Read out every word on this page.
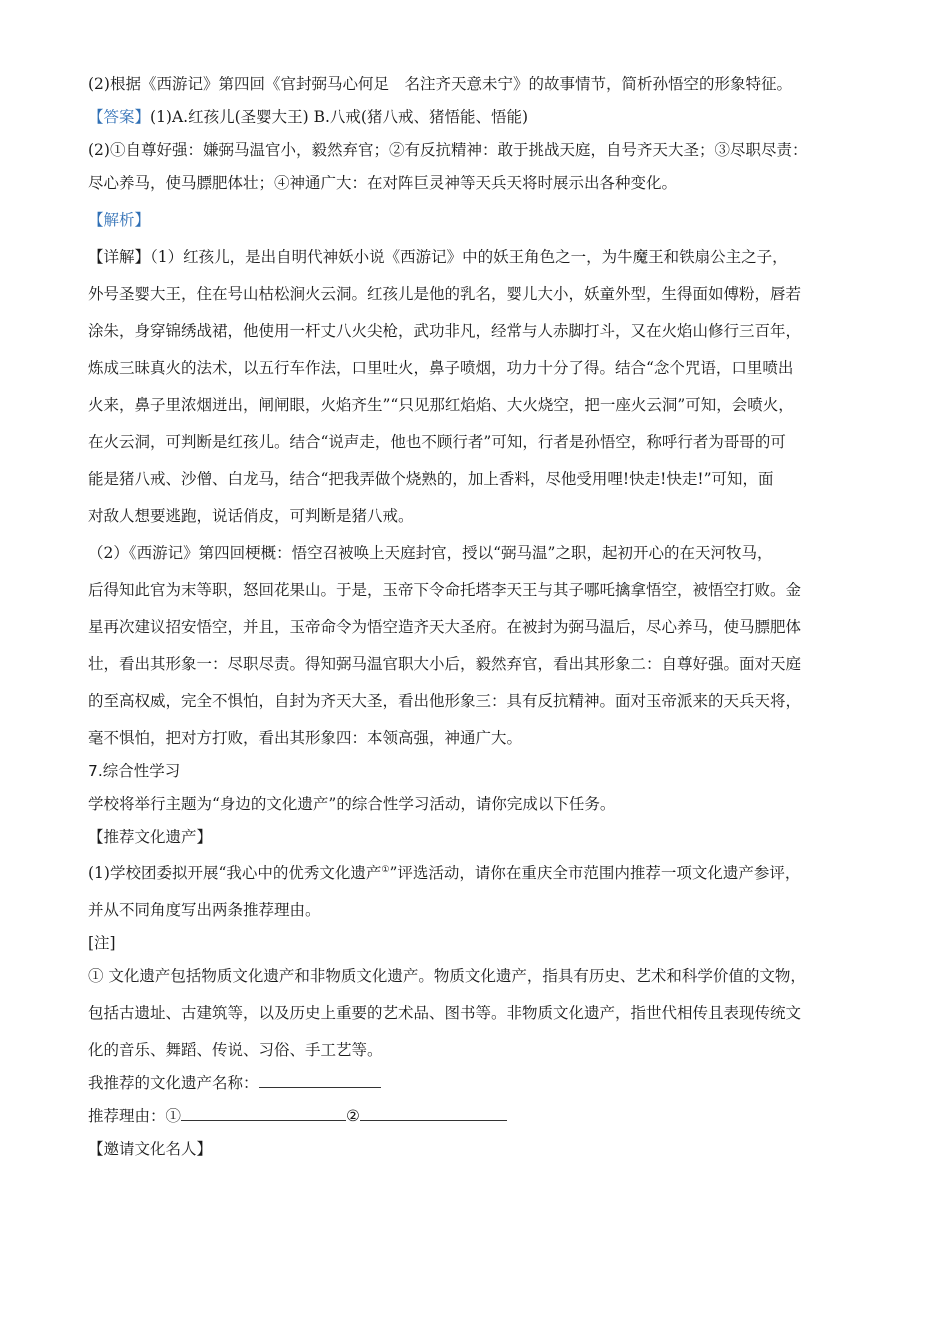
(2)根据《西游记》第四回《官封弼马心何足　名注齐天意未宁》的故事情节，简析孙悟空的形象特征。

【答案】(1)A.红孩儿(圣婴大王) B.八戒(猪八戒、猪悟能、悟能)

(2)①自尊好强：嫌弼马温官小，毅然弃官；②有反抗精神：敢于挑战天庭，自号齐天大圣；③尽职尽责：

尽心养马，使马膘肥体壮；④神通广大：在对阵巨灵神等天兵天将时展示出各种变化。

【解析】

【详解】（1）红孩儿，是出自明代神妖小说《西游记》中的妖王角色之一，为牛魔王和铁扇公主之子，

外号圣婴大王，住在号山枯松涧火云洞。红孩儿是他的乳名，婴儿大小，妖童外型，生得面如傅粉，唇若

涂朱，身穿锦绣战裙，他使用一杆丈八火尖枪，武功非凡，经常与人赤脚打斗，又在火焰山修行三百年，

炼成三昧真火的法术，以五行车作法，口里吐火，鼻子喷烟，功力十分了得。结合“念个咒语，口里喷出

火来，鼻子里浓烟迸出，闸闸眼，火焰齐生”“只见那红焰焰、大火烧空，把一座火云洞”可知，会喷火，

在火云洞，可判断是红孩儿。结合“说声走，他也不顾行者”可知，行者是孙悟空，称呼行者为哥哥的可

能是猪八戒、沙僧、白龙马，结合“把我弄做个烧熟的，加上香料，尽他受用哩!快走!快走!”可知，面

对敌人想要逃跑，说话俏皮，可判断是猪八戒。

（2）《西游记》第四回梗概：悟空召被唤上天庭封官，授以“弼马温”之职，起初开心的在天河牧马，

后得知此官为末等职，怒回花果山。于是，玉帝下令命托塔李天王与其子哪吒擒拿悟空，被悟空打败。金

星再次建议招安悟空，并且，玉帝命令为悟空造齐天大圣府。在被封为弼马温后，尽心养马，使马膘肥体

壮，看出其形象一：尽职尽责。得知弼马温官职大小后，毅然弃官，看出其形象二：自尊好强。面对天庭

的至高权威，完全不惧怕，自封为齐天大圣，看出他形象三：具有反抗精神。面对玉帝派来的天兵天将，

毫不惧怕，把对方打败，看出其形象四：本领高强，神通广大。

7.综合性学习

学校将举行主题为“身边的文化遗产”的综合性学习活动，请你完成以下任务。

【推荐文化遗产】

(1)学校团委拟开展“我心中的优秀文化遗产①”评选活动，请你在重庆全市范围内推荐一项文化遗产参评，

并从不同角度写出两条推荐理由。

[注]

① 文化遗产包括物质文化遗产和非物质文化遗产。物质文化遗产，指具有历史、艺术和科学价值的文物，

包括古遗址、古建筑等，以及历史上重要的艺术品、图书等。非物质文化遗产，指世代相传且表现传统文

化的音乐、舞蹈、传说、习俗、手工艺等。

我推荐的文化遗产名称：

推荐理由：①	②

【邀请文化名人】
